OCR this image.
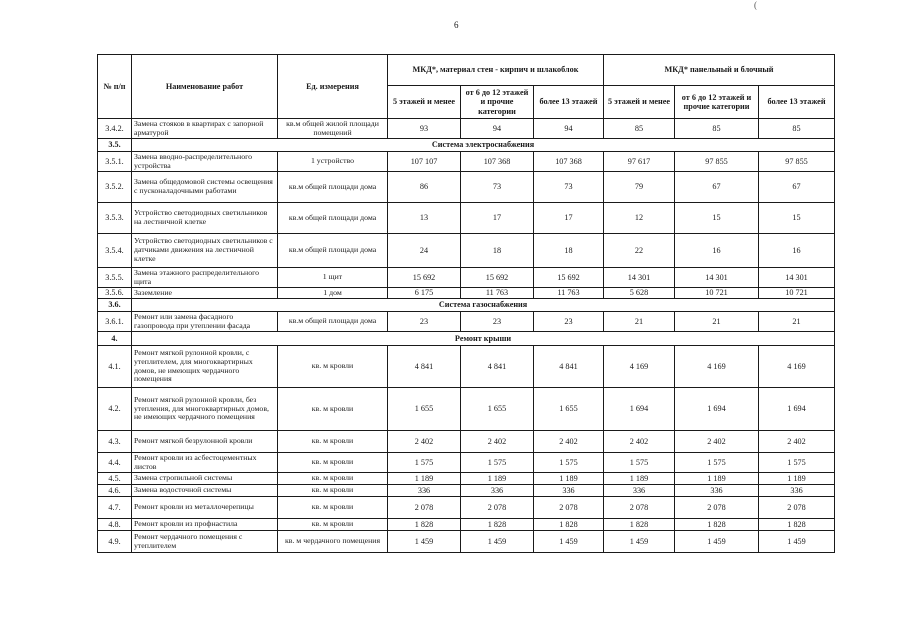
6
(
№ п/п	Наименование работ	Ед. измерения	МКД*, материал стен - кирпич и шлакоблок			МКД* панельный и блочный		
			5 этажей и менее	от 6 до 12 этажей и прочие категории	более 13 этажей	5 этажей и менее	от 6 до 12 этажей и прочие категории	более 13 этажей
3.4.2.	Замена стояков в квартирах с запорной арматурой	кв.м общей жилой площади помещений	93	94	94	85	85	85
3.5.	Система электроснабжения							
3.5.1.	Замена вводно-распределительного устройства	1 устройство	107 107	107 368	107 368	97 617	97 855	97 855
3.5.2.	Замена общедомовой системы освещения с пусконаладочными работами	кв.м общей площади дома	86	73	73	79	67	67
3.5.3.	Устройство светодиодных светильников на лестничной клетке	кв.м общей площади дома	13	17	17	12	15	15
3.5.4.	Устройство светодиодных светильников с датчиками движения на лестничной клетке	кв.м общей площади дома	24	18	18	22	16	16
3.5.5.	Замена этажного распределительного щита	1 щит	15 692	15 692	15 692	14 301	14 301	14 301
3.5.6.	Заземление	1 дом	6 175	11 763	11 763	5 628	10 721	10 721
3.6.	Система газоснабжения							
3.6.1.	Ремонт или замена фасадного газопровода при утеплении фасада	кв.м общей площади дома	23	23	23	21	21	21
4.	Ремонт крыши							
4.1.	Ремонт мягкой рулонной кровли, с утеплителем, для многоквартирных домов, не имеющих чердачного помещения	кв. м кровли	4 841	4 841	4 841	4 169	4 169	4 169
4.2.	Ремонт мягкой рулонной кровли, без утепления, для многоквартирных домов, не имеющих чердачного помещения	кв. м кровли	1 655	1 655	1 655	1 694	1 694	1 694
4.3.	Ремонт мягкой безрулонной кровли	кв. м кровли	2 402	2 402	2 402	2 402	2 402	2 402
4.4.	Ремонт кровли из асбестоцементных листов	кв. м кровли	1 575	1 575	1 575	1 575	1 575	1 575
4.5.	Замена стропильной системы	кв. м кровли	1 189	1 189	1 189	1 189	1 189	1 189
4.6.	Замена водосточной системы	кв. м кровли	336	336	336	336	336	336
4.7.	Ремонт кровли из металлочерепицы	кв. м кровли	2 078	2 078	2 078	2 078	2 078	2 078
4.8.	Ремонт кровли из профнастила	кв. м кровли	1 828	1 828	1 828	1 828	1 828	1 828
4.9.	Ремонт чердачного помещения с утеплителем	кв. м чердачного помещения	1 459	1 459	1 459	1 459	1 459	1 459
